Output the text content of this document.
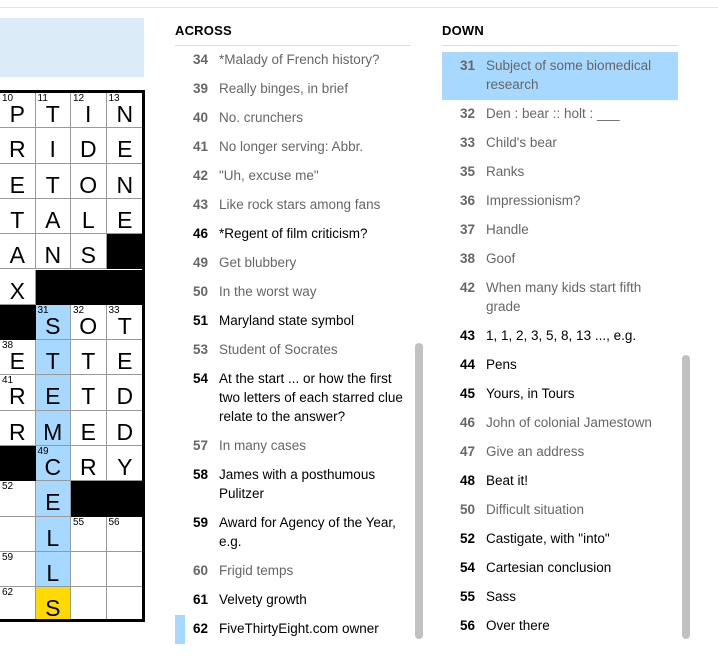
10
P
11
T
12
I
13
N
R	I	D E
E T O N
T A L E
A N S
X
31
S
32
O
33
T
38
E T T E
41
R E T D
R M E D
49
C R Y
52
E
L
55 56
59
L
62
S
ACROSS
34 *Malady of French history?
39 Really binges, in brief
40 No. crunchers
41 No longer serving: Abbr.
42 "Uh, excuse me"
43 Like rock stars among fans
46 *Regent of film criticism?
49 Get blubbery
50 In the worst way
51 Maryland state symbol
53 Student of Socrates
54 At the start ... or how the first two letters of each starred clue relate to the answer?
57 In many cases
58 James with a posthumous Pulitzer
59 Award for Agency of the Year, e.g.
60 Frigid temps
61 Velvety growth
62 FiveThirtyEight.com owner
DOWN
31 Subject of some biomedical research
32 Den : bear :: holt : ___
33 Child's bear
35 Ranks
36 Impressionism?
37 Handle
38 Goof
42 When many kids start fifth grade
43 1, 1, 2, 3, 5, 8, 13 ..., e.g.
44 Pens
45 Yours, in Tours
46 John of colonial Jamestown
47 Give an address
48 Beat it!
50 Difficult situation
52 Castigate, with "into"
54 Cartesian conclusion
55 Sass
56 Over there
